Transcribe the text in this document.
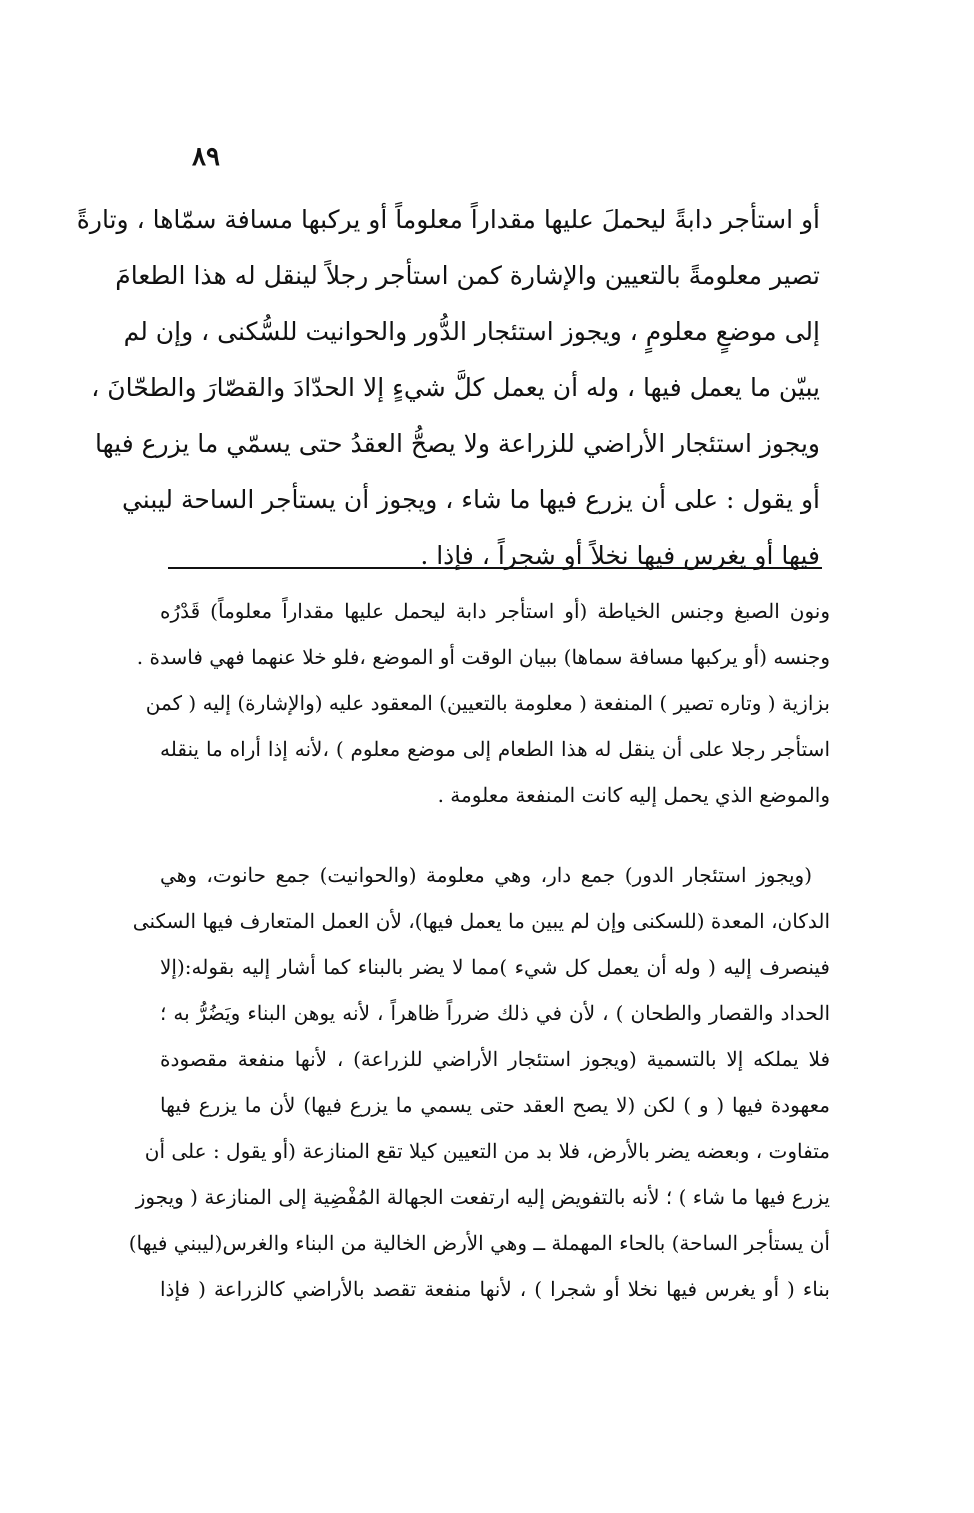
٨٩
أو استأجر دابةً ليحملَ عليها مقداراً معلوماً أو يركبها مسافة سمّاها ، وتارةً
تصير معلومةً بالتعيين والإشارة كمن استأجر رجلاً لينقل له هذا الطعامَ
إلى موضعٍ معلومٍ ، ويجوز استئجار الدُّور والحوانيت للسُّكنى ، وإن لم
يبيّن ما يعمل فيها ، وله أن يعمل كلَّ شيءٍ إلا الحدّادَ والقصّارَ والطحّانَ ،
ويجوز استئجار الأراضي للزراعة ولا يصحُّ العقدُ حتى يسمّي ما يزرع فيها
أو يقول : على أن يزرع فيها ما شاء ، ويجوز أن يستأجر الساحة ليبني
فيها أو يغرس فيها نخلاً أو شجراً ، فإذا .
ونون الصبغ وجنس الخياطة (أو استأجر دابة ليحمل عليها مقداراً معلوماً) قَدْرُه
وجنسه (أو يركبها مسافة سماها) ببيان الوقت أو الموضع ،فلو خلا عنهما فهي فاسدة .
بزازية ( وتاره تصير ) المنفعة ( معلومة بالتعيين) المعقود عليه (والإشارة) إليه ( كمن
استأجر رجلا على أن ينقل له هذا الطعام إلى موضع معلوم ) ،لأنه إذا أراه ما ينقله
والموضع الذي يحمل إليه كانت المنفعة معلومة .
(ويجوز استئجار الدور) جمع دار، وهي معلومة (والحوانيت) جمع حانوت، وهي
الدكان، المعدة (للسكنى وإن لم يبين ما يعمل فيها)، لأن العمل المتعارف فيها السكنى
فينصرف إليه ( وله أن يعمل كل شيء )مما لا يضر بالبناء كما أشار إليه بقوله:(إلا
الحداد والقصار والطحان ) ، لأن في ذلك ضرراً ظاهراً ، لأنه يوهن البناء ويَضُرُّ به ؛
فلا يملكه إلا بالتسمية (ويجوز استئجار الأراضي للزراعة) ، لأنها منفعة مقصودة
معهودة فيها ( و ) لكن (لا يصح العقد حتى يسمي ما يزرع فيها) لأن ما يزرع فيها
متفاوت ، وبعضه يضر بالأرض، فلا بد من التعيين كيلا تقع المنازعة (أو يقول : على أن
يزرع فيها ما شاء ) ؛ لأنه بالتفويض إليه ارتفعت الجهالة المُفْضِية إلى المنازعة ( ويجوز
أن يستأجر الساحة) بالحاء المهملة ــ وهي الأرض الخالية من البناء والغرس(ليبني فيها)
بناء ( أو يغرس فيها نخلا أو شجرا ) ، لأنها منفعة تقصد بالأراضي كالزراعة ( فإذا
